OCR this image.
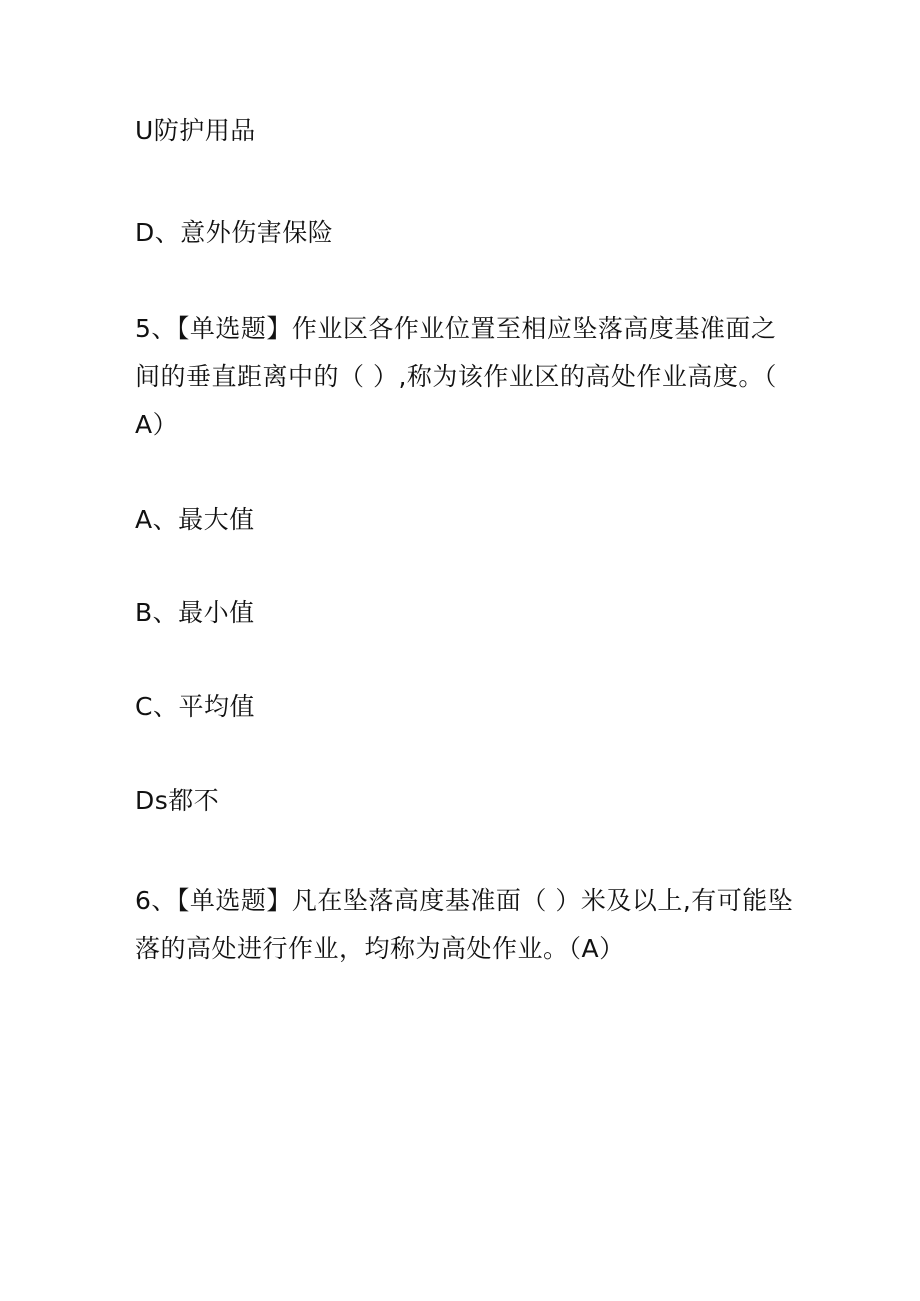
U防护用品
D、意外伤害保险
5、【单选题】作业区各作业位置至相应坠落高度基准面之
间的垂直距离中的（ ）,称为该作业区的高处作业高度。（
A）
A、最大值
B、最小值
C、平均值
Ds都不
6、【单选题】凡在坠落高度基准面（ ）米及以上,有可能坠
落的高处进行作业，均称为高处作业。（A）
